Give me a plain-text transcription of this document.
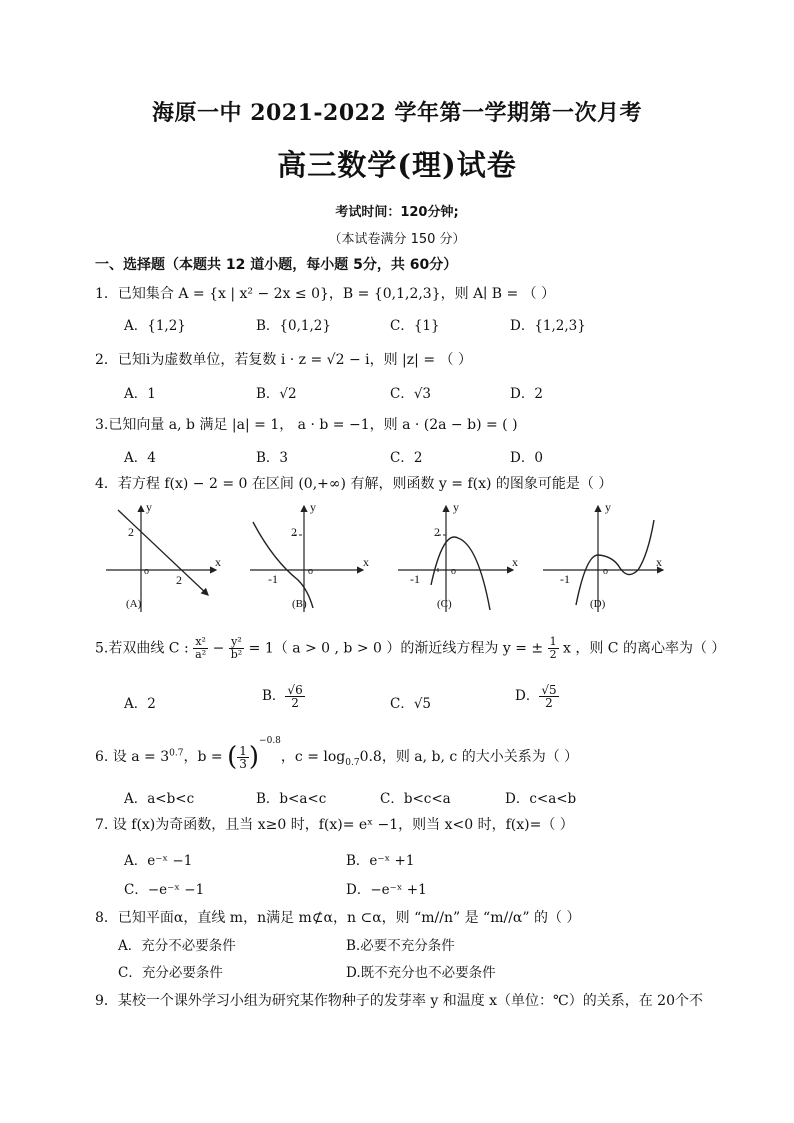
海原一中 2021-2022 学年第一学期第一次月考
高三数学(理)试卷
考试时间：120分钟;
（本试卷满分 150 分）
一、选择题（本题共 12 道小题，每小题 5分，共 60分）
1．已知集合 A = {x | x² − 2x ≤ 0}，B = {0,1,2,3}，则 A∣ B = （ ）
A．{1,2}	B．{0,1,2}	C．{1}	D．{1,2,3}
2．已知i为虚数单位，若复数 i · z = √2 − i，则 |z| = （ ）
A．1	B．√2	C．√3	D．2
3.已知向量 a, b 满足 |a| = 1， a · b = −1，则 a · (2a − b) = ( )
A．4	B．3	C．2	D．0
4．若方程 f(x) − 2 = 0 在区间 (0,+∞) 有解，则函数 y = f(x) 的图象可能是（ ）
2
2
o
y
x
(A)
2
-1
o
y
x
(B)
2
-1
o
y
x
(C)
-1
o
y
x
(D)
5.若双曲线 C : $\frac{\text{x²}}{\text{a²}} - \frac{\text{y²}}{\text{b²}} = 1$（ a > 0 , b > 0 ）的渐近线方程为 y = ± $\frac{1}{2}$ x ，则 C 的离心率为（ ）
A．2	B． $\frac{√6}{2}$	C．√5	D． $\frac{√5}{2}$
6. 设 $a = 3^{0.7}$，b = ( $\frac{1}{3} )^{-0.8}$，$c = \log_{0.7}0.8$，则 a, b, c 的大小关系为（ ）
A．a<b<c	B．b<a<c	C．b<c<a	D．c<a<b
7. 设 f(x)为奇函数，且当 x≥0 时，f(x)= eˣ −1，则当 x<0 时，f(x)=（ ）
A．e⁻ˣ −1	B．e⁻ˣ +1
C．−e⁻ˣ −1	D．−e⁻ˣ +1
8．已知平面α，直线 m，n满足 m⊄α，n ⊂α，则 “m//n” 是 “m//α” 的（ ）
A．充分不必要条件	B.必要不充分条件
C．充分必要条件	D.既不充分也不必要条件
9．某校一个课外学习小组为研究某作物种子的发芽率 y 和温度 x（单位：℃）的关系，在 20个不
